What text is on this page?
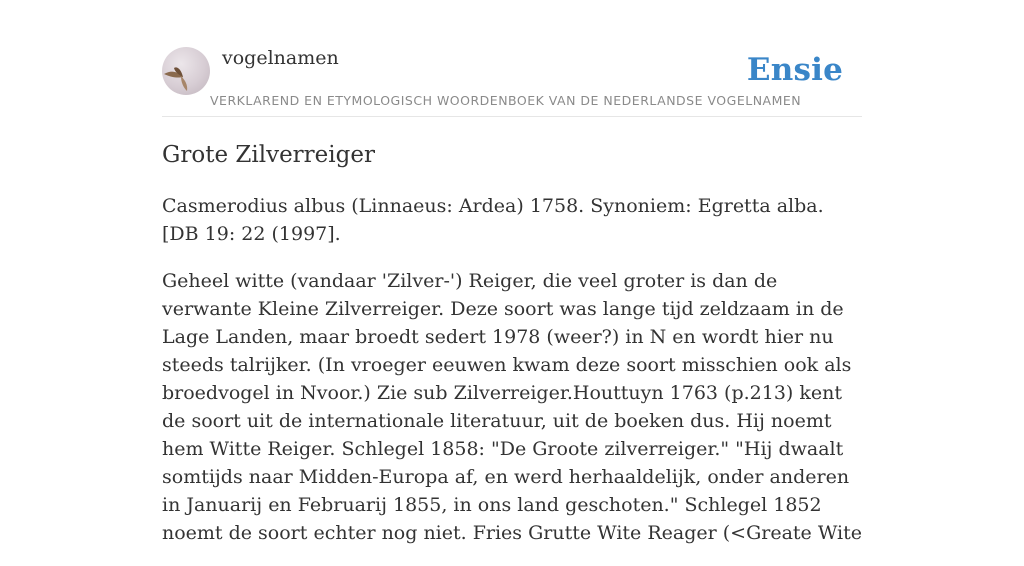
vogelnamen	Ensie
VERKLAREND EN ETYMOLOGISCH WOORDENBOEK VAN DE NEDERLANDSE VOGELNAMEN
Grote Zilverreiger

Casmerodius albus (Linnaeus: Ardea) 1758. Synoniem: Egretta alba. [DB 19: 22 (1997].

Geheel witte (vandaar 'Zilver-') Reiger, die veel groter is dan de verwante Kleine Zilverreiger. Deze soort was lange tijd zeldzaam in de Lage Landen, maar broedt sedert 1978 (weer?) in N en wordt hier nu steeds talrijker. (In vroeger eeuwen kwam deze soort misschien ook als broedvogel in Nvoor.) Zie sub Zilverreiger.Houttuyn 1763 (p.213) kent de soort uit de internationale literatuur, uit de boeken dus. Hij noemt hem Witte Reiger. Schlegel 1858: "De Groote zilverreiger." "Hij dwaalt somtijds naar Midden-Europa af, en werd herhaaldelijk, onder anderen in Januarij en Februarij 1855, in ons land geschoten." Schlegel 1852 noemt de soort echter nog niet. Fries Grutte Wite Reager (<Greate Wite
